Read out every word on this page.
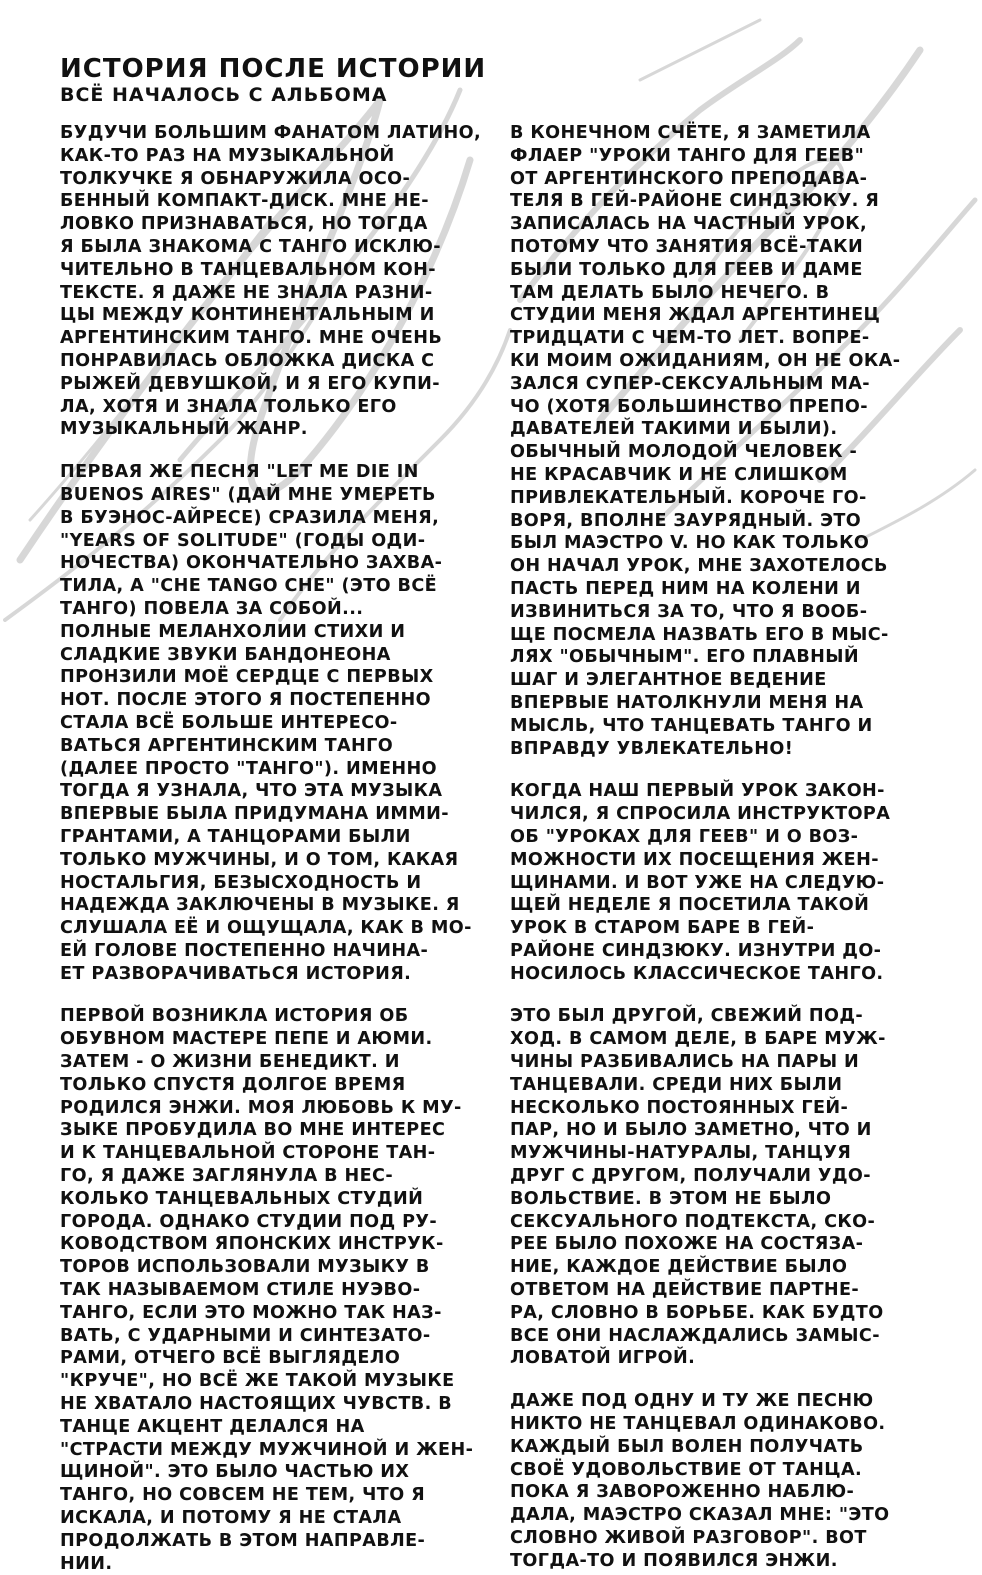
ИСТОРИЯ ПОСЛЕ ИСТОРИИ
ВСЁ НАЧАЛОСЬ С АЛЬБОМА
БУДУЧИ БОЛЬШИМ ФАНАТОМ ЛАТИНО,
КАК-ТО РАЗ НА МУЗЫКАЛЬНОЙ
ТОЛКУЧКЕ Я ОБНАРУЖИЛА ОСО-
БЕННЫЙ КОМПАКТ-ДИСК. МНЕ НЕ-
ЛОВКО ПРИЗНАВАТЬСЯ, НО ТОГДА
Я БЫЛА ЗНАКОМА С ТАНГО ИСКЛЮ-
ЧИТЕЛЬНО В ТАНЦЕВАЛЬНОМ КОН-
ТЕКСТЕ. Я ДАЖЕ НЕ ЗНАЛА РАЗНИ-
ЦЫ МЕЖДУ КОНТИНЕНТАЛЬНЫМ И
АРГЕНТИНСКИМ ТАНГО. МНЕ ОЧЕНЬ
ПОНРАВИЛАСЬ ОБЛОЖКА ДИСКА С
РЫЖЕЙ ДЕВУШКОЙ, И Я ЕГО КУПИ-
ЛА, ХОТЯ И ЗНАЛА ТОЛЬКО ЕГО
МУЗЫКАЛЬНЫЙ ЖАНР.
ПЕРВАЯ ЖЕ ПЕСНЯ "LET ME DIE IN
BUENOS AIRES" (ДАЙ МНЕ УМЕРЕТЬ
В БУЭНОС-АЙРЕСЕ) СРАЗИЛА МЕНЯ,
"YEARS OF SOLITUDE" (ГОДЫ ОДИ-
НОЧЕСТВА) ОКОНЧАТЕЛЬНО ЗАХВА-
ТИЛА, А "CHE TANGO CHE" (ЭТО ВСЁ
ТАНГО) ПОВЕЛА ЗА СОБОЙ...
ПОЛНЫЕ МЕЛАНХОЛИИ СТИХИ И
СЛАДКИЕ ЗВУКИ БАНДОНЕОНА
ПРОНЗИЛИ МОЁ СЕРДЦЕ С ПЕРВЫХ
НОТ. ПОСЛЕ ЭТОГО Я ПОСТЕПЕННО
СТАЛА ВСЁ БОЛЬШЕ ИНТЕРЕСО-
ВАТЬСЯ АРГЕНТИНСКИМ ТАНГО
(ДАЛЕЕ ПРОСТО "ТАНГО"). ИМЕННО
ТОГДА Я УЗНАЛА, ЧТО ЭТА МУЗЫКА
ВПЕРВЫЕ БЫЛА ПРИДУМАНА ИММИ-
ГРАНТАМИ, А ТАНЦОРАМИ БЫЛИ
ТОЛЬКО МУЖЧИНЫ, И О ТОМ, КАКАЯ
НОСТАЛЬГИЯ, БЕЗЫСХОДНОСТЬ И
НАДЕЖДА ЗАКЛЮЧЕНЫ В МУЗЫКЕ. Я
СЛУШАЛА ЕЁ И ОЩУЩАЛА, КАК В МО-
ЕЙ ГОЛОВЕ ПОСТЕПЕННО НАЧИНА-
ЕТ РАЗВОРАЧИВАТЬСЯ ИСТОРИЯ.
ПЕРВОЙ ВОЗНИКЛА ИСТОРИЯ ОБ
ОБУВНОМ МАСТЕРЕ ПЕПЕ И АЮМИ.
ЗАТЕМ - О ЖИЗНИ БЕНЕДИКТ. И
ТОЛЬКО СПУСТЯ ДОЛГОЕ ВРЕМЯ
РОДИЛСЯ ЭНЖИ. МОЯ ЛЮБОВЬ К МУ-
ЗЫКЕ ПРОБУДИЛА ВО МНЕ ИНТЕРЕС
И К ТАНЦЕВАЛЬНОЙ СТОРОНЕ ТАН-
ГО, Я ДАЖЕ ЗАГЛЯНУЛА В НЕС-
КОЛЬКО ТАНЦЕВАЛЬНЫХ СТУДИЙ
ГОРОДА. ОДНАКО СТУДИИ ПОД РУ-
КОВОДСТВОМ ЯПОНСКИХ ИНСТРУК-
ТОРОВ ИСПОЛЬЗОВАЛИ МУЗЫКУ В
ТАК НАЗЫВАЕМОМ СТИЛЕ НУЭВО-
ТАНГО, ЕСЛИ ЭТО МОЖНО ТАК НАЗ-
ВАТЬ, С УДАРНЫМИ И СИНТЕЗАТО-
РАМИ, ОТЧЕГО ВСЁ ВЫГЛЯДЕЛО
"КРУЧЕ", НО ВСЁ ЖЕ ТАКОЙ МУЗЫКЕ
НЕ ХВАТАЛО НАСТОЯЩИХ ЧУВСТВ. В
ТАНЦЕ АКЦЕНТ ДЕЛАЛСЯ НА
"СТРАСТИ МЕЖДУ МУЖЧИНОЙ И ЖЕН-
ЩИНОЙ". ЭТО БЫЛО ЧАСТЬЮ ИХ
ТАНГО, НО СОВСЕМ НЕ ТЕМ, ЧТО Я
ИСКАЛА, И ПОТОМУ Я НЕ СТАЛА
ПРОДОЛЖАТЬ В ЭТОМ НАПРАВЛЕ-
НИИ.
В КОНЕЧНОМ СЧЁТЕ, Я ЗАМЕТИЛА
ФЛАЕР "УРОКИ ТАНГО ДЛЯ ГЕЕВ"
ОТ АРГЕНТИНСКОГО ПРЕПОДАВА-
ТЕЛЯ В ГЕЙ-РАЙОНЕ СИНДЗЮКУ. Я
ЗАПИСАЛАСЬ НА ЧАСТНЫЙ УРОК,
ПОТОМУ ЧТО ЗАНЯТИЯ ВСЁ-ТАКИ
БЫЛИ ТОЛЬКО ДЛЯ ГЕЕВ И ДАМЕ
ТАМ ДЕЛАТЬ БЫЛО НЕЧЕГО. В
СТУДИИ МЕНЯ ЖДАЛ АРГЕНТИНЕЦ
ТРИДЦАТИ С ЧЕМ-ТО ЛЕТ. ВОПРЕ-
КИ МОИМ ОЖИДАНИЯМ, ОН НЕ ОКА-
ЗАЛСЯ СУПЕР-СЕКСУАЛЬНЫМ МА-
ЧО (ХОТЯ БОЛЬШИНСТВО ПРЕПО-
ДАВАТЕЛЕЙ ТАКИМИ И БЫЛИ).
ОБЫЧНЫЙ МОЛОДОЙ ЧЕЛОВЕК -
НЕ КРАСАВЧИК И НЕ СЛИШКОМ
ПРИВЛЕКАТЕЛЬНЫЙ. КОРОЧЕ ГО-
ВОРЯ, ВПОЛНЕ ЗАУРЯДНЫЙ. ЭТО
БЫЛ МАЭСТРО V. НО КАК ТОЛЬКО
ОН НАЧАЛ УРОК, МНЕ ЗАХОТЕЛОСЬ
ПАСТЬ ПЕРЕД НИМ НА КОЛЕНИ И
ИЗВИНИТЬСЯ ЗА ТО, ЧТО Я ВООБ-
ЩЕ ПОСМЕЛА НАЗВАТЬ ЕГО В МЫС-
ЛЯХ "ОБЫЧНЫМ". ЕГО ПЛАВНЫЙ
ШАГ И ЭЛЕГАНТНОЕ ВЕДЕНИЕ
ВПЕРВЫЕ НАТОЛКНУЛИ МЕНЯ НА
МЫСЛЬ, ЧТО ТАНЦЕВАТЬ ТАНГО И
ВПРАВДУ УВЛЕКАТЕЛЬНО!
КОГДА НАШ ПЕРВЫЙ УРОК ЗАКОН-
ЧИЛСЯ, Я СПРОСИЛА ИНСТРУКТОРА
ОБ "УРОКАХ ДЛЯ ГЕЕВ" И О ВОЗ-
МОЖНОСТИ ИХ ПОСЕЩЕНИЯ ЖЕН-
ЩИНАМИ. И ВОТ УЖЕ НА СЛЕДУЮ-
ЩЕЙ НЕДЕЛЕ Я ПОСЕТИЛА ТАКОЙ
УРОК В СТАРОМ БАРЕ В ГЕЙ-
РАЙОНЕ СИНДЗЮКУ. ИЗНУТРИ ДО-
НОСИЛОСЬ КЛАССИЧЕСКОЕ ТАНГО.
ЭТО БЫЛ ДРУГОЙ, СВЕЖИЙ ПОД-
ХОД. В САМОМ ДЕЛЕ, В БАРЕ МУЖ-
ЧИНЫ РАЗБИВАЛИСЬ НА ПАРЫ И
ТАНЦЕВАЛИ. СРЕДИ НИХ БЫЛИ
НЕСКОЛЬКО ПОСТОЯННЫХ ГЕЙ-
ПАР, НО И БЫЛО ЗАМЕТНО, ЧТО И
МУЖЧИНЫ-НАТУРАЛЫ, ТАНЦУЯ
ДРУГ С ДРУГОМ, ПОЛУЧАЛИ УДО-
ВОЛЬСТВИЕ. В ЭТОМ НЕ БЫЛО
СЕКСУАЛЬНОГО ПОДТЕКСТА, СКО-
РЕЕ БЫЛО ПОХОЖЕ НА СОСТЯЗА-
НИЕ, КАЖДОЕ ДЕЙСТВИЕ БЫЛО
ОТВЕТОМ НА ДЕЙСТВИЕ ПАРТНЕ-
РА, СЛОВНО В БОРЬБЕ. КАК БУДТО
ВСЕ ОНИ НАСЛАЖДАЛИСЬ ЗАМЫС-
ЛОВАТОЙ ИГРОЙ.
ДАЖЕ ПОД ОДНУ И ТУ ЖЕ ПЕСНЮ
НИКТО НЕ ТАНЦЕВАЛ ОДИНАКОВО.
КАЖДЫЙ БЫЛ ВОЛЕН ПОЛУЧАТЬ
СВОЁ УДОВОЛЬСТВИЕ ОТ ТАНЦА.
ПОКА Я ЗАВОРОЖЕННО НАБЛЮ-
ДАЛА, МАЭСТРО СКАЗАЛ МНЕ: "ЭТО
СЛОВНО ЖИВОЙ РАЗГОВОР". ВОТ
ТОГДА-ТО И ПОЯВИЛСЯ ЭНЖИ.
